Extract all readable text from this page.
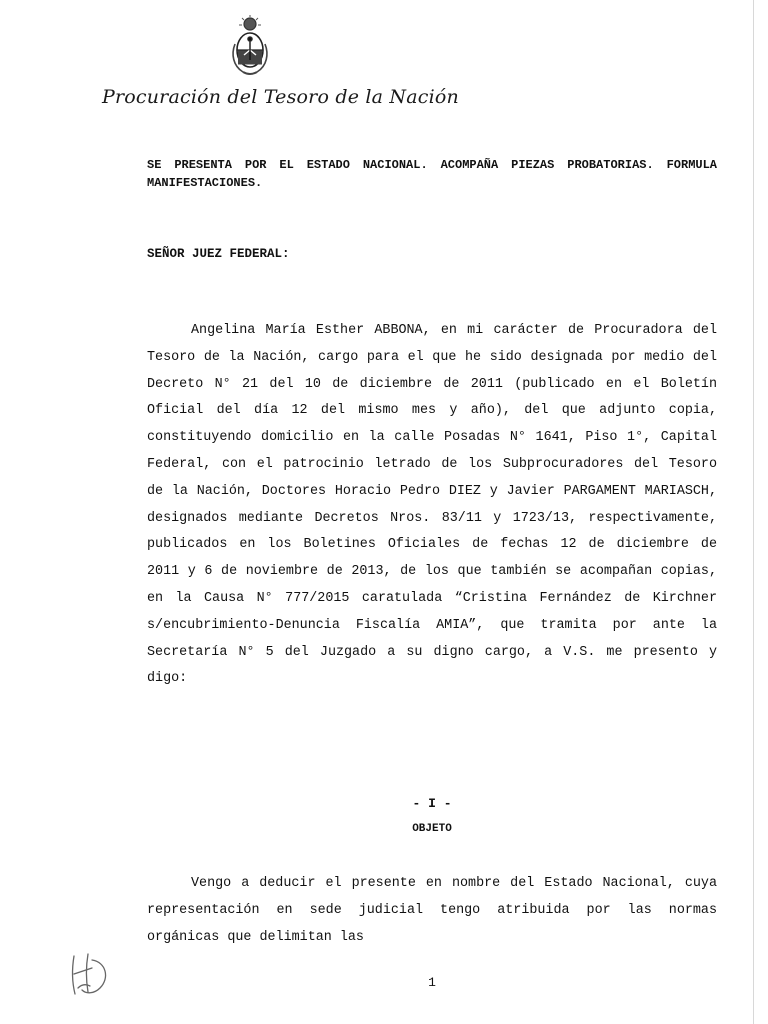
Procuración del Tesoro de la Nación
SE PRESENTA POR EL ESTADO NACIONAL. ACOMPAÑA PIEZAS PROBATORIAS. FORMULA MANIFESTACIONES.
SEÑOR JUEZ FEDERAL:
Angelina María Esther ABBONA, en mi carácter de Procuradora del Tesoro de la Nación, cargo para el que he sido designada por medio del Decreto N° 21 del 10 de diciembre de 2011 (publicado en el Boletín Oficial del día 12 del mismo mes y año), del que adjunto copia, constituyendo domicilio en la calle Posadas N° 1641, Piso 1°, Capital Federal, con el patrocinio letrado de los Subprocuradores del Tesoro de la Nación, Doctores Horacio Pedro DIEZ y Javier PARGAMENT MARIASCH, designados mediante Decretos Nros. 83/11 y 1723/13, respectivamente, publicados en los Boletines Oficiales de fechas 12 de diciembre de 2011 y 6 de noviembre de 2013, de los que también se acompañan copias, en la Causa N° 777/2015 caratulada “Cristina Fernández de Kirchner s/encubrimiento-Denuncia Fiscalía AMIA”, que tramita por ante la Secretaría N° 5 del Juzgado a su digno cargo, a V.S. me presento y digo:
- I -
OBJETO
Vengo a deducir el presente en nombre del Estado Nacional, cuya representación en sede judicial tengo atribuida por las normas orgánicas que delimitan las
1
